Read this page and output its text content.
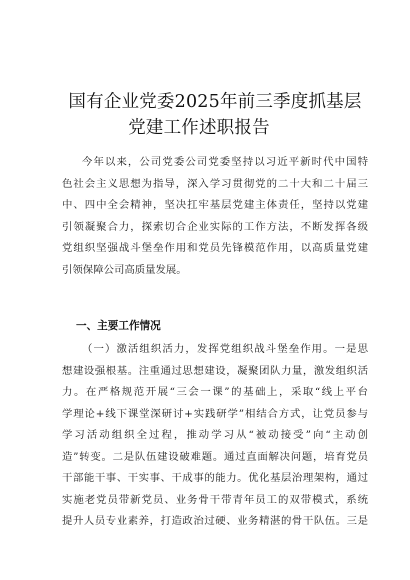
国有企业党委2025年前三季度抓基层
党建工作述职报告
今年以来，公司党委公司党委坚持以习近平新时代中国特
色社会主义思想为指导，深入学习贯彻党的二十大和二十届三
中、四中全会精神，坚决扛牢基层党建主体责任，坚持以党建
引领凝聚合力，探索切合企业实际的工作方法，不断发挥各级
党组织坚强战斗堡垒作用和党员先锋模范作用，以高质量党建
引领保障公司高质量发展。
一、主要工作情况
（一）激活组织活力，发挥党组织战斗堡垒作用。一是思
想建设强根基。注重通过思想建设，凝聚团队力量，激发组织活
力。在严格规范开展“三会一课”的基础上，采取“线上平台
学理论+线下课堂深研讨+实践研学”相结合方式，让党员参与
学习活动组织全过程，推动学习从“被动接受”向“主动创
造”转变。二是队伍建设破难题。通过直面解决问题，培育党员
干部能干事、干实事、干成事的能力。优化基层治理架构，通过
实施老党员带新党员、业务骨干带青年员工的双带模式，系统
提升人员专业素养，打造政治过硬、业务精湛的骨干队伍。三是
